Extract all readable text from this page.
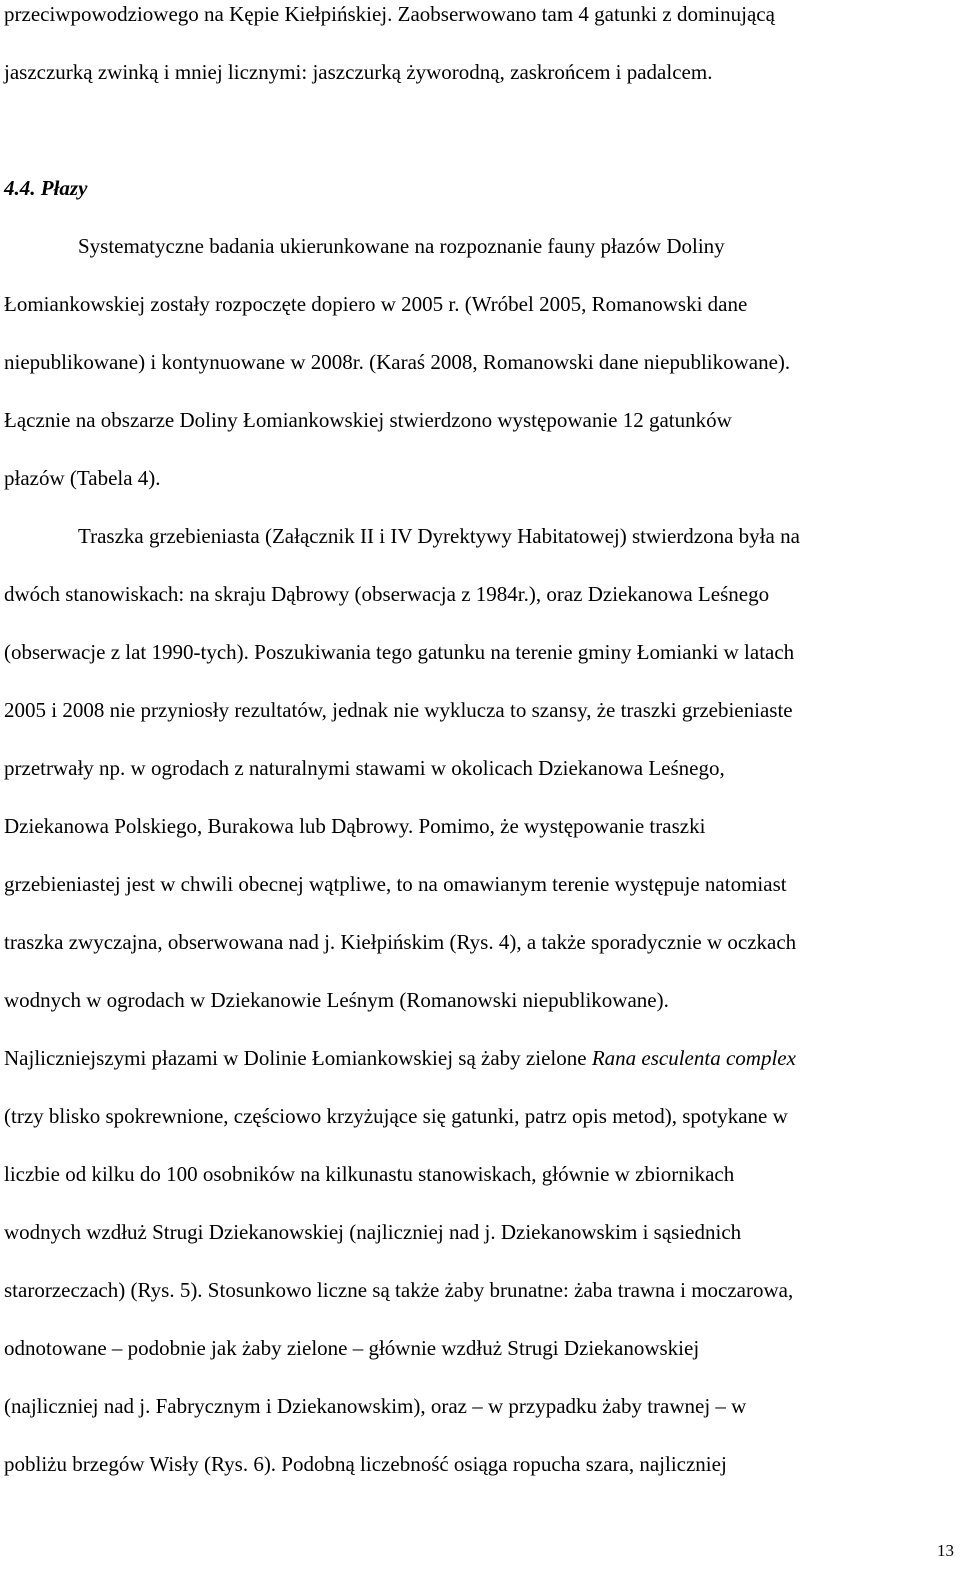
przeciwpowodziowego na Kępie Kiełpińskiej. Zaobserwowano tam 4 gatunki z dominującą
jaszczurką zwinką i mniej licznymi: jaszczurką żyworodną, zaskrońcem i padalcem.
4.4. Płazy
Systematyczne badania ukierunkowane na rozpoznanie fauny płazów Doliny
Łomiankowskiej zostały rozpoczęte dopiero w 2005 r. (Wróbel 2005, Romanowski dane
niepublikowane) i kontynuowane w 2008r. (Karaś 2008, Romanowski dane niepublikowane).
Łącznie na obszarze Doliny Łomiankowskiej stwierdzono występowanie 12 gatunków
płazów (Tabela 4).
Traszka grzebieniasta (Załącznik II i IV Dyrektywy Habitatowej) stwierdzona była na
dwóch stanowiskach: na skraju Dąbrowy (obserwacja z 1984r.), oraz Dziekanowa Leśnego
(obserwacje z lat 1990-tych). Poszukiwania tego gatunku na terenie gminy Łomianki w latach
2005 i 2008 nie przyniosły rezultatów, jednak nie wyklucza to szansy, że traszki grzebieniaste
przetrwały np. w ogrodach z naturalnymi stawami w okolicach Dziekanowa Leśnego,
Dziekanowa Polskiego, Burakowa lub Dąbrowy. Pomimo, że występowanie traszki
grzebieniastej jest w chwili obecnej wątpliwe, to na omawianym terenie występuje natomiast
traszka zwyczajna, obserwowana nad j. Kiełpińskim (Rys. 4), a także sporadycznie w oczkach
wodnych w ogrodach w Dziekanowie Leśnym (Romanowski niepublikowane).
Najliczniejszymi płazami w Dolinie Łomiankowskiej są żaby zielone Rana esculenta complex
(trzy blisko spokrewnione, częściowo krzyżujące się gatunki, patrz opis metod), spotykane w
liczbie od kilku do 100 osobników na kilkunastu stanowiskach, głównie w zbiornikach
wodnych wzdłuż Strugi Dziekanowskiej (najliczniej nad j. Dziekanowskim i sąsiednich
starorzeczach) (Rys. 5). Stosunkowo liczne są także żaby brunatne: żaba trawna i moczarowa,
odnotowane – podobnie jak żaby zielone – głównie wzdłuż Strugi Dziekanowskiej
(najliczniej nad j. Fabrycznym i Dziekanowskim), oraz – w przypadku żaby trawnej – w
pobliżu brzegów Wisły (Rys. 6). Podobną liczebność osiąga ropucha szara, najliczniej
13
